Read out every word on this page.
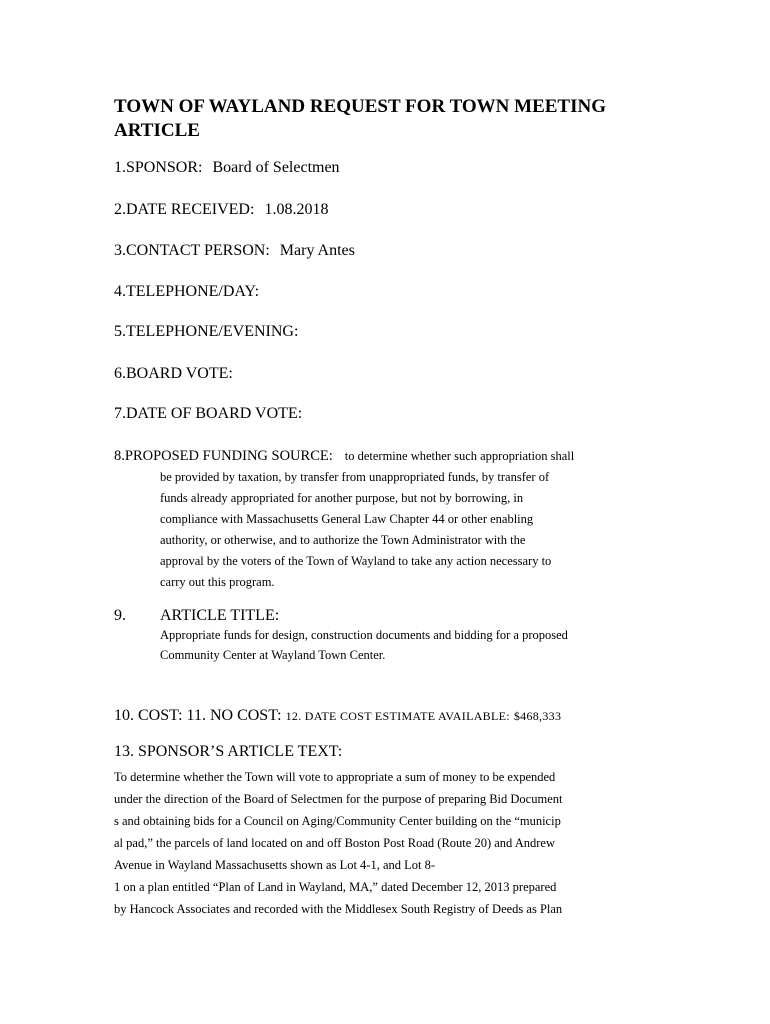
TOWN OF WAYLAND REQUEST FOR TOWN MEETING ARTICLE
1.SPONSOR: Board of Selectmen
2.DATE RECEIVED: 1.08.2018
3.CONTACT PERSON: Mary Antes
4.TELEPHONE/DAY:
5.TELEPHONE/EVENING:
6.BOARD VOTE:
7.DATE OF BOARD VOTE:
8.PROPOSED FUNDING SOURCE: to determine whether such appropriation shall
be provided by taxation, by transfer from unappropriated funds, by transfer of
funds already appropriated for another purpose, but not by borrowing, in
compliance with Massachusetts General Law Chapter 44 or other enabling
authority, or otherwise, and to authorize the Town Administrator with the
approval by the voters of the Town of Wayland to take any action necessary to
carry out this program.
9. ARTICLE TITLE:
Appropriate funds for design, construction documents and bidding for a proposed
Community Center at Wayland Town Center.
10. COST: 11. NO COST: 12. DATE COST ESTIMATE AVAILABLE: $468,333
13. SPONSOR’S ARTICLE TEXT:
To determine whether the Town will vote to appropriate a sum of money to be expended
under the direction of the Board of Selectmen for the purpose of preparing Bid Document
s and obtaining bids for a Council on Aging/Community Center building on the “municip
al pad,” the parcels of land located on and off Boston Post Road (Route 20) and Andrew
Avenue in Wayland Massachusetts shown as Lot 4-1, and Lot 8-
1 on a plan entitled “Plan of Land in Wayland, MA,” dated December 12, 2013 prepared
by Hancock Associates and recorded with the Middlesex South Registry of Deeds as Plan
